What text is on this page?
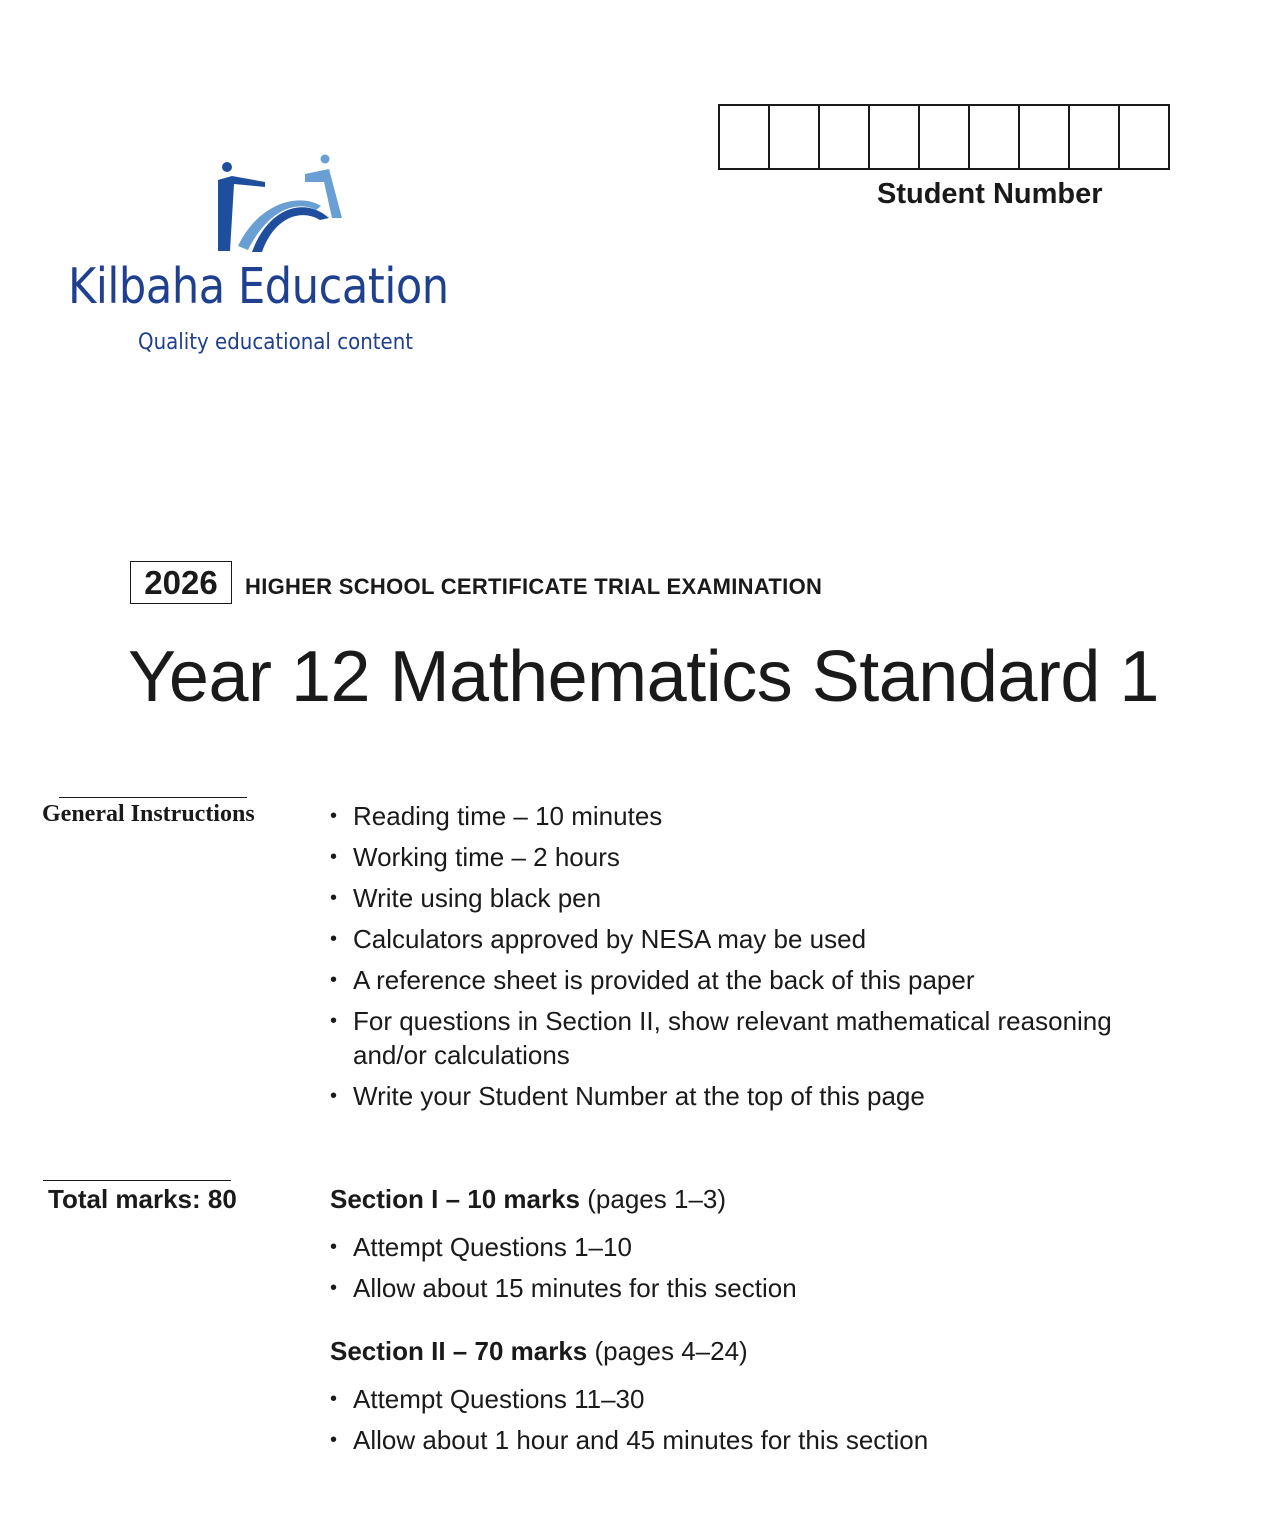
Kilbaha Education
Quality educational content
Student Number
2026	HIGHER SCHOOL CERTIFICATE TRIAL EXAMINATION
Year 12 Mathematics Standard 1
General Instructions
•	Reading time – 10 minutes
• Working time – 2 hours
• Write using black pen
• Calculators approved by NESA may be used
• A reference sheet is provided at the back of this paper
• For questions in Section II, show relevant mathematical reasoning and/or calculations
• Write your Student Number at the top of this page
Total marks: 80	Section I – 10 marks (pages 1–3)
• Attempt Questions 1–10
• Allow about 15 minutes for this section
Section II – 70 marks (pages 4–24)
• Attempt Questions 11–30
• Allow about 1 hour and 45 minutes for this section
